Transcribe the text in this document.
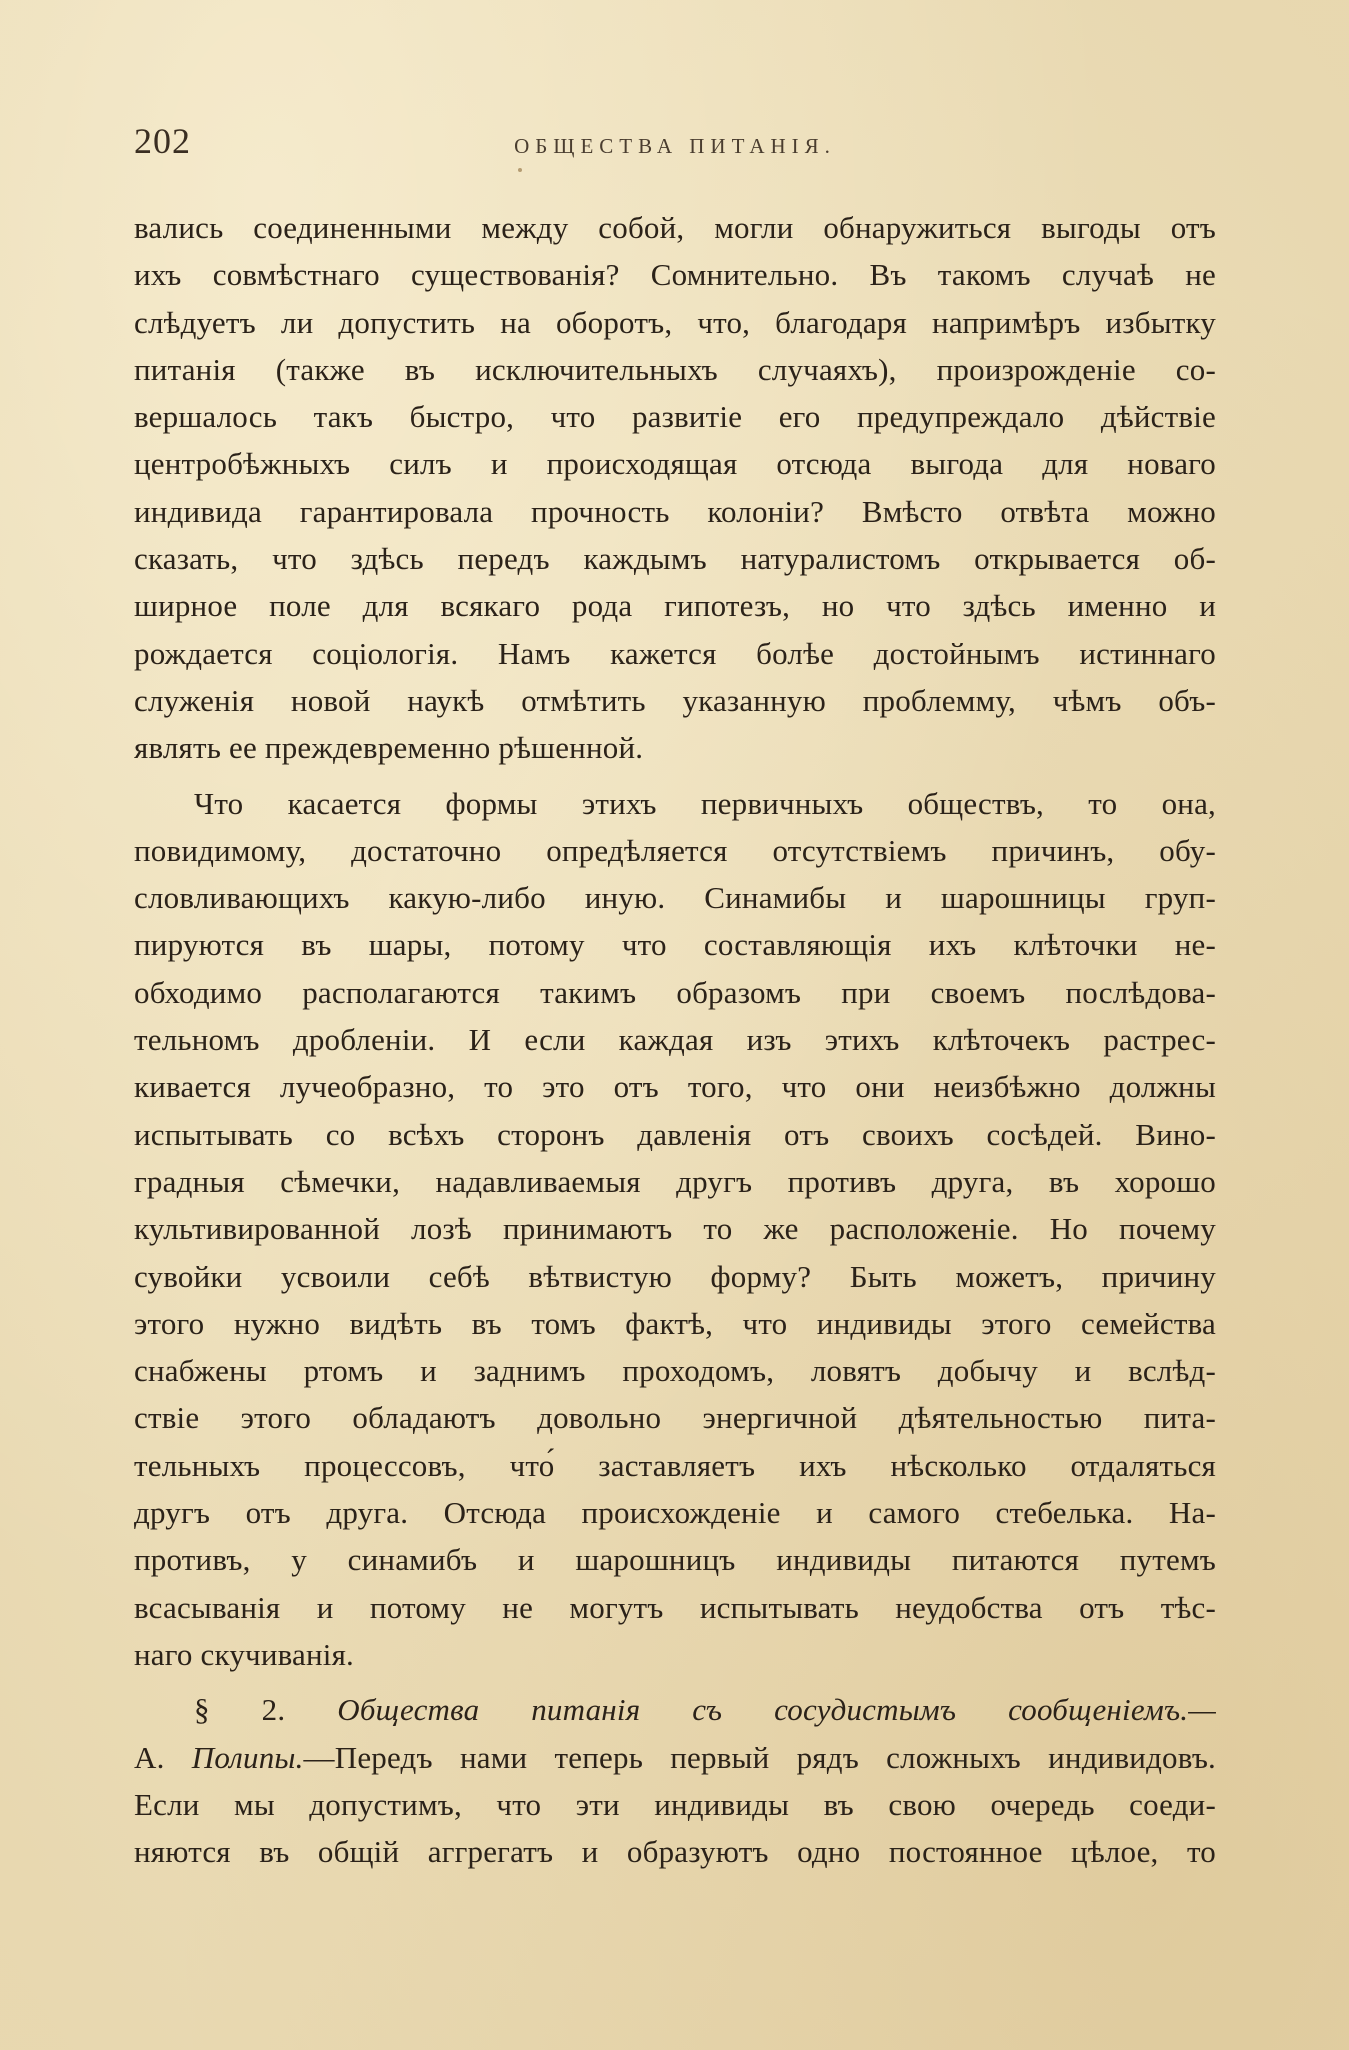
202	ОБЩЕСТВА ПИТАНІЯ.

вались соединенными между собой, могли обнаружиться выгоды отъ
ихъ совмѣстнаго существованія? Сомнительно. Въ такомъ случаѣ не
слѣдуетъ ли допустить на оборотъ, что, благодаря напримѣръ избытку
питанія (также въ исключительныхъ случаяхъ), произрожденіе со-
вершалось такъ быстро, что развитіе его предупреждало дѣйствіе
центробѣжныхъ силъ и происходящая отсюда выгода для новаго
индивида гарантировала прочность колоніи? Вмѣсто отвѣта можно
сказать, что здѣсь передъ каждымъ натуралистомъ открывается об-
ширное поле для всякаго рода гипотезъ, но что здѣсь именно и
рождается соціологія. Намъ кажется болѣе достойнымъ истиннаго
служенія новой наукѣ отмѣтить указанную проблемму, чѣмъ объ-
являть ее преждевременно рѣшенной.

Что касается формы этихъ первичныхъ обществъ, то она,
повидимому, достаточно опредѣляется отсутствіемъ причинъ, обу-
словливающихъ какую-либо иную. Синамибы и шарошницы груп-
пируются въ шары, потому что составляющія ихъ клѣточки не-
обходимо располагаются такимъ образомъ при своемъ послѣдова-
тельномъ дробленіи. И если каждая изъ этихъ клѣточекъ растрес-
кивается лучеобразно, то это отъ того, что они неизбѣжно должны
испытывать со всѣхъ сторонъ давленія отъ своихъ сосѣдей. Вино-
градныя сѣмечки, надавливаемыя другъ противъ друга, въ хорошо
культивированной лозѣ принимаютъ то же расположеніе. Но почему
сувойки усвоили себѣ вѣтвистую форму? Быть можетъ, причину
этого нужно видѣть въ томъ фактѣ, что индивиды этого семейства
снабжены ртомъ и заднимъ проходомъ, ловятъ добычу и вслѣд-
ствіе этого обладаютъ довольно энергичной дѣятельностью пита-
тельныхъ процессовъ, что́ заставляетъ ихъ нѣсколько отдаляться
другъ отъ друга. Отсюда происхожденіе и самого стебелька. На-
противъ, у синамибъ и шарошницъ индивиды питаются путемъ
всасыванія и потому не могутъ испытывать неудобства отъ тѣс-
наго скучиванія.

§ 2. Общества питанія съ сосудистымъ сообщеніемъ.—
А. Полипы.—Передъ нами теперь первый рядъ сложныхъ индивидовъ.
Если мы допустимъ, что эти индивиды въ свою очередь соеди-
няются въ общій аггрегатъ и образуютъ одно постоянное цѣлое, то
